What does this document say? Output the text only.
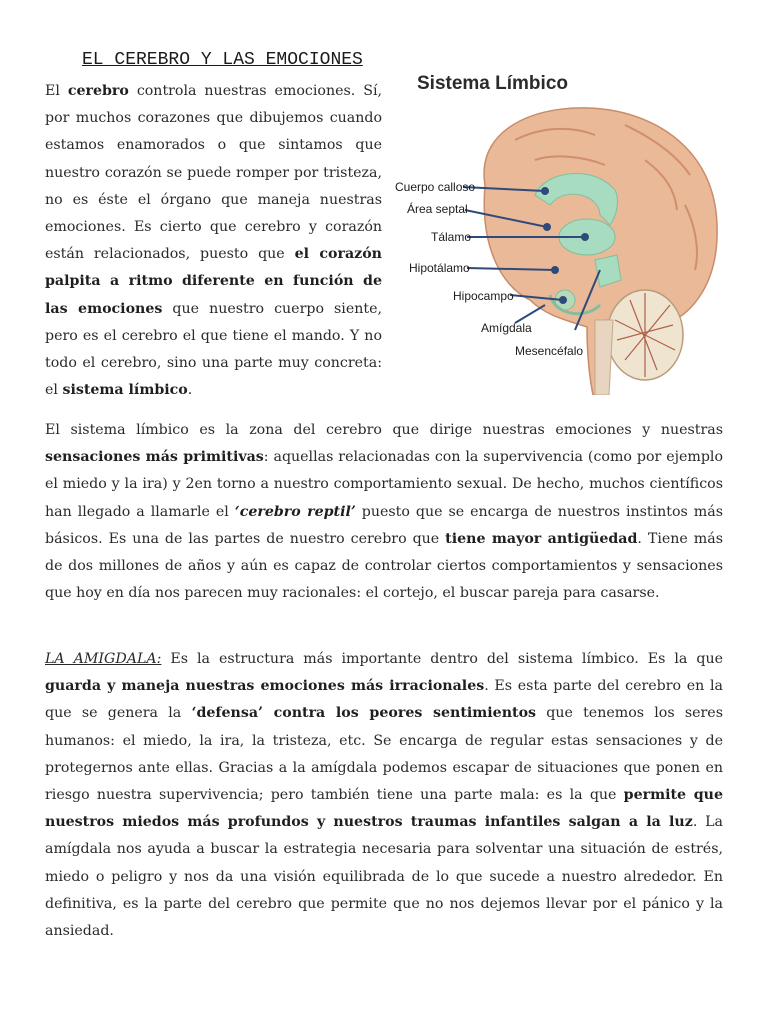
EL CEREBRO Y LAS EMOCIONES
El cerebro controla nuestras emociones. Sí, por muchos corazones que dibujemos cuando estamos enamorados o que sintamos que nuestro corazón se puede romper por tristeza, no es éste el órgano que maneja nuestras emociones. Es cierto que cerebro y corazón están relacionados, puesto que el corazón palpita a ritmo diferente en función de las emociones que nuestro cuerpo siente, pero es el cerebro el que tiene el mando. Y no todo el cerebro, sino una parte muy concreta: el sistema límbico.
Cuerpo calloso
Área septal
Tálamo
Hipotálamo
Hipocampo
Amígdala
Mesencéfalo
Sistema Límbico
El sistema límbico es la zona del cerebro que dirige nuestras emociones y nuestras sensaciones más primitivas: aquellas relacionadas con la supervivencia (como por ejemplo el miedo y la ira) y 2en torno a nuestro comportamiento sexual. De hecho, muchos científicos han llegado a llamarle el ‘cerebro reptil’ puesto que se encarga de nuestros instintos más básicos. Es una de las partes de nuestro cerebro que tiene mayor antigüedad. Tiene más de dos millones de años y aún es capaz de controlar ciertos comportamientos y sensaciones que hoy en día nos parecen muy racionales: el cortejo, el buscar pareja para casarse.
LA AMIGDALA: Es la estructura más importante dentro del sistema límbico. Es la que guarda y maneja nuestras emociones más irracionales. Es esta parte del cerebro en la que se genera la ‘defensa’ contra los peores sentimientos que tenemos los seres humanos: el miedo, la ira, la tristeza, etc. Se encarga de regular estas sensaciones y de protegernos ante ellas. Gracias a la amígdala podemos escapar de situaciones que ponen en riesgo nuestra supervivencia; pero también tiene una parte mala: es la que permite que nuestros miedos más profundos y nuestros traumas infantiles salgan a la luz. La amígdala nos ayuda a buscar la estrategia necesaria para solventar una situación de estrés, miedo o peligro y nos da una visión equilibrada de lo que sucede a nuestro alrededor. En definitiva, es la parte del cerebro que permite que no nos dejemos llevar por el pánico y la ansiedad.
